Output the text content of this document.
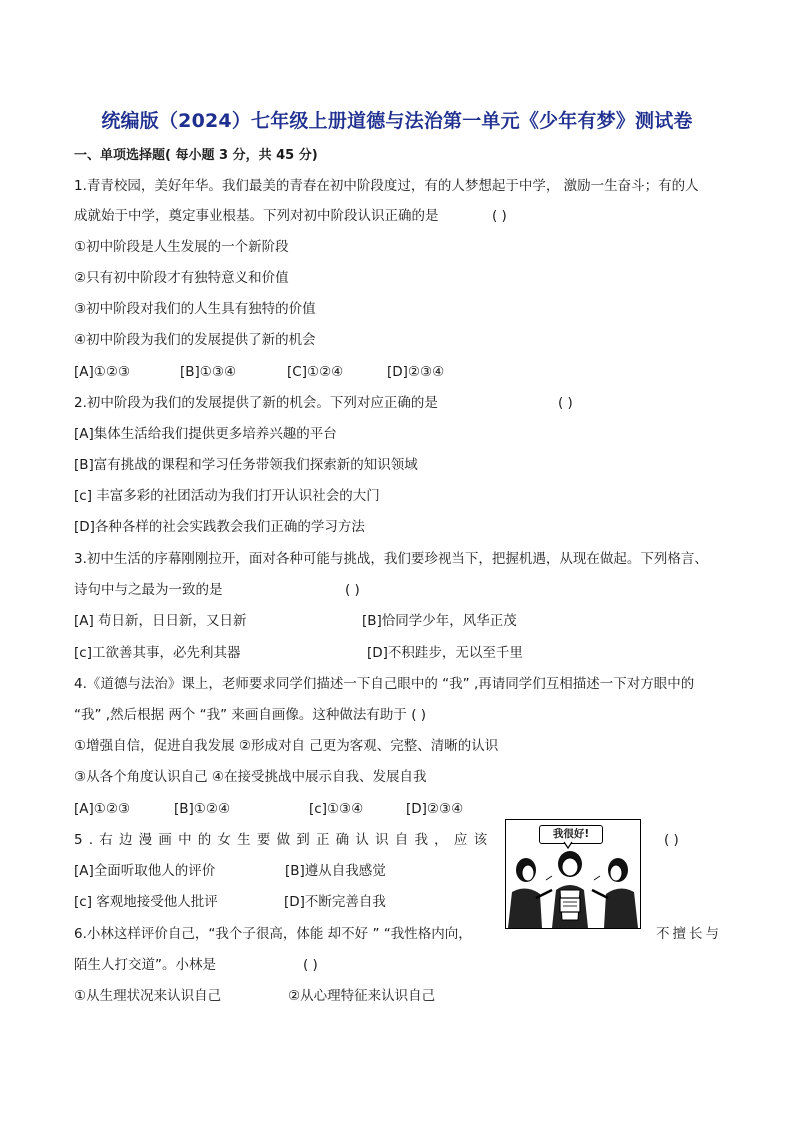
统编版（2024）七年级上册道德与法治第一单元《少年有梦》测试卷
一、单项选择题( 每小题 3 分，共 45 分)
1.青青校园，美好年华。我们最美的青春在初中阶段度过，有的人梦想起于中学， 激励一生奋斗；有的人
成就始于中学，奠定事业根基。下列对初中阶段认识正确的是	( )
①初中阶段是人生发展的一个新阶段
②只有初中阶段才有独特意义和价值
③初中阶段对我们的人生具有独特的价值
④初中阶段为我们的发展提供了新的机会
[A]①②③	[B]①③④	[C]①②④	[D]②③④
2.初中阶段为我们的发展提供了新的机会。下列对应正确的是	( )
[A]集体生活给我们提供更多培养兴趣的平台
[B]富有挑战的课程和学习任务带领我们探索新的知识领域
[c] 丰富多彩的社团活动为我们打开认识社会的大门
[D]各种各样的社会实践教会我们正确的学习方法
3.初中生活的序幕刚刚拉开，面对各种可能与挑战，我们要珍视当下，把握机遇，从现在做起。下列格言、
诗句中与之最为一致的是	( )
[A] 苟日新，日日新，又日新	[B]恰同学少年，风华正茂
[c]工欲善其事，必先利其器	[D]不积跬步，无以至千里
4.《道德与法治》课上，老师要求同学们描述一下自己眼中的 “我” ,再请同学们互相描述一下对方眼中的
“我” ,然后根据 两个 “我” 来画自画像。这种做法有助于 ( )
①增强自信，促进自我发展 ②形成对自 己更为客观、完整、清晰的认识
③从各个角度认识自己 ④在接受挑战中展示自我、发展自我
[A]①②③	[B]①②④	[c]①③④	[D]②③④
5.右边漫画中的女生要做到正确认识自我，应该	( )
我很好!
[A]全面听取他人的评价	[B]遵从自我感觉
[c] 客观地接受他人批评	[D]不断完善自我
6.小林这样评价自己，“我个子很高，体能 却不好 ” “我性格内向，	不擅长与
陌生人打交道”。小林是	( )
①从生理状况来认识自己	②从心理特征来认识自己
